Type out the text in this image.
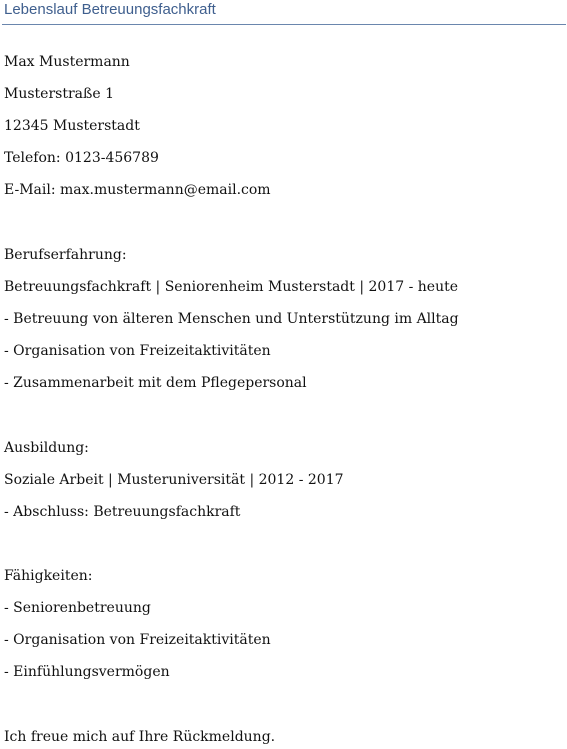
Lebenslauf Betreuungsfachkraft
Max Mustermann
Musterstraße 1
12345 Musterstadt
Telefon: 0123-456789
E-Mail: max.mustermann@email.com
Berufserfahrung:
Betreuungsfachkraft | Seniorenheim Musterstadt | 2017 - heute
- Betreuung von älteren Menschen und Unterstützung im Alltag
- Organisation von Freizeitaktivitäten
- Zusammenarbeit mit dem Pflegepersonal
Ausbildung:
Soziale Arbeit | Musteruniversität | 2012 - 2017
- Abschluss: Betreuungsfachkraft
Fähigkeiten:
- Seniorenbetreuung
- Organisation von Freizeitaktivitäten
- Einfühlungsvermögen
Ich freue mich auf Ihre Rückmeldung.
